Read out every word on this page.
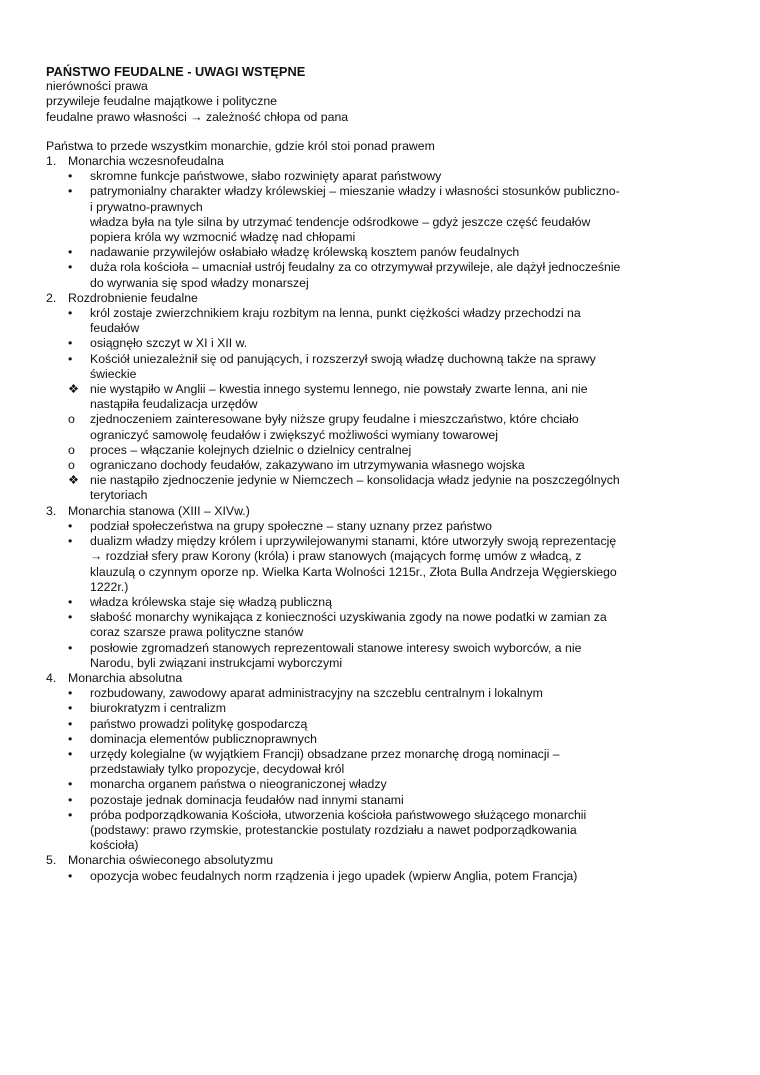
PAŃSTWO FEUDALNE - UWAGI WSTĘPNE
nierówności prawa
przywileje feudalne majątkowe i polityczne
feudalne prawo własności → zależność chłopa od pana
Państwa to przede wszystkim monarchie, gdzie król stoi ponad prawem
1. Monarchia wczesnofeudalna
•	skromne funkcje państwowe, słabo rozwinięty aparat państwowy
•	patrymonialny charakter władzy królewskiej – mieszanie władzy i własności stosunków publiczno-
i prywatno-prawnych
władza była na tyle silna by utrzymać tendencje odśrodkowe – gdyż jeszcze część feudałów
popiera króla wy wzmocnić władzę nad chłopami
•	nadawanie przywilejów osłabiało władzę królewską kosztem panów feudalnych
•	duża rola kościoła – umacniał ustrój feudalny za co otrzymywał przywileje, ale dążył jednocześnie
do wyrwania się spod władzy monarszej
2. Rozdrobnienie feudalne
•	król zostaje zwierzchnikiem kraju rozbitym na lenna, punkt ciężkości władzy przechodzi na
feudałów
•	osiągnęło szczyt w XI i XII w.
•	Kościół uniezależnił się od panujących, i rozszerzył swoją władzę duchowną także na sprawy
świeckie
❖ nie wystąpiło w Anglii – kwestia innego systemu lennego, nie powstały zwarte lenna, ani nie
nastąpiła feudalizacja urzędów
o	zjednoczeniem zainteresowane były niższe grupy feudalne i mieszczaństwo, które chciało
ograniczyć samowolę feudałów i zwiększyć możliwości wymiany towarowej
o	proces – włączanie kolejnych dzielnic o dzielnicy centralnej
o	ograniczano dochody feudałów, zakazywano im utrzymywania własnego wojska
❖ nie nastąpiło zjednoczenie jedynie w Niemczech – konsolidacja władz jedynie na poszczególnych
terytoriach
3. Monarchia stanowa (XIII – XIVw.)
•	podział społeczeństwa na grupy społeczne – stany uznany przez państwo
•	dualizm władzy między królem i uprzywilejowanymi stanami, które utworzyły swoją reprezentację
→ rozdział sfery praw Korony (króla) i praw stanowych (mających formę umów z władcą, z
klauzulą o czynnym oporze np. Wielka Karta Wolności 1215r., Złota Bulla Andrzeja Węgierskiego
1222r.)
•	władza królewska staje się władzą publiczną
•	słabość monarchy wynikająca z konieczności uzyskiwania zgody na nowe podatki w zamian za
coraz szarsze prawa polityczne stanów
•	posłowie zgromadzeń stanowych reprezentowali stanowe interesy swoich wyborców, a nie
Narodu, byli związani instrukcjami wyborczymi
4. Monarchia absolutna
•	rozbudowany, zawodowy aparat administracyjny na szczeblu centralnym i lokalnym
•	biurokratyzm i centralizm
•	państwo prowadzi politykę gospodarczą
•	dominacja elementów publicznoprawnych
•	urzędy kolegialne (w wyjątkiem Francji) obsadzane przez monarchę drogą nominacji –
przedstawiały tylko propozycje, decydował król
•	monarcha organem państwa o nieograniczonej władzy
•	pozostaje jednak dominacja feudałów nad innymi stanami
•	próba podporządkowania Kościoła, utworzenia kościoła państwowego służącego monarchii
(podstawy: prawo rzymskie, protestanckie postulaty rozdziału a nawet podporządkowania
kościoła)
5. Monarchia oświeconego absolutyzmu
•	opozycja wobec feudalnych norm rządzenia i jego upadek (wpierw Anglia, potem Francja)
